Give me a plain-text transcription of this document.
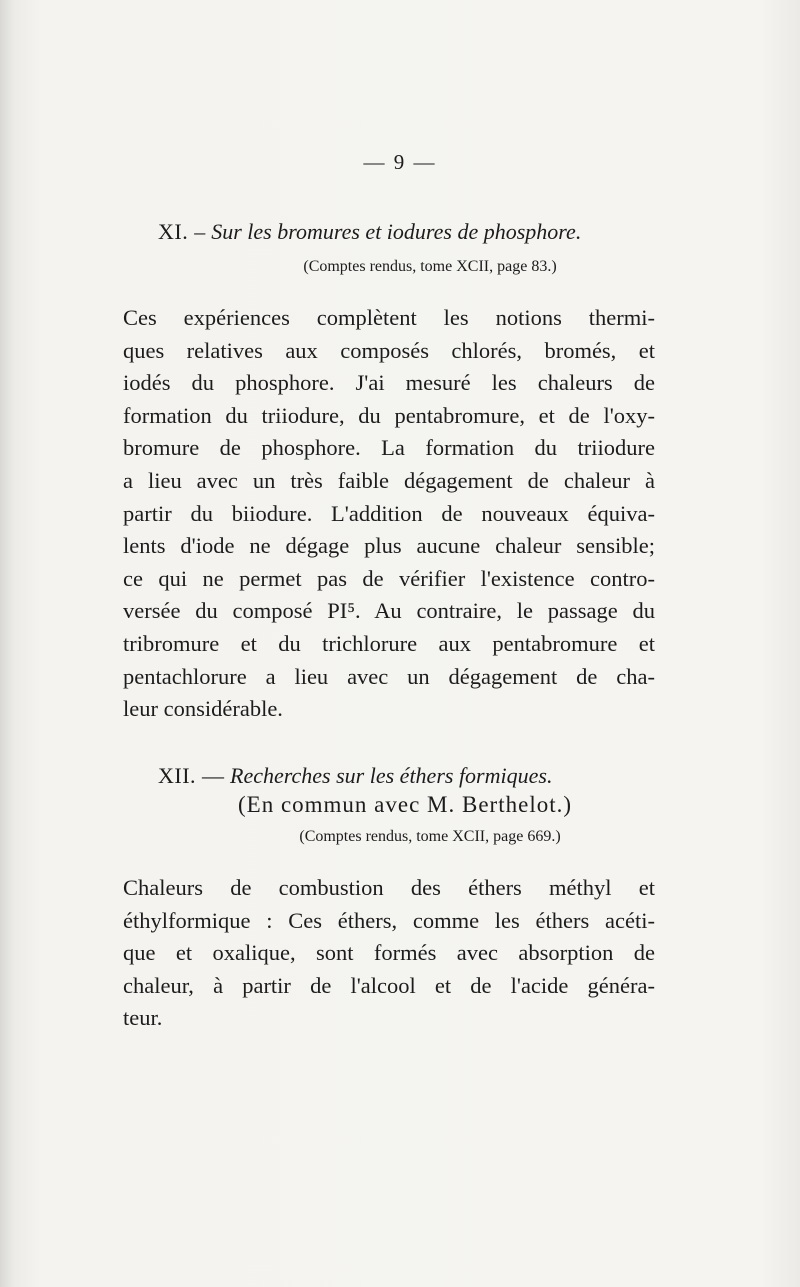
— 9 —

XI. – Sur les bromures et iodures de phosphore.

(Comptes rendus, tome XCII, page 83.)

Ces expériences complètent les notions thermi-
ques relatives aux composés chlorés, bromés, et
iodés du phosphore. J'ai mesuré les chaleurs de
formation du triiodure, du pentabromure, et de l'oxy-
bromure de phosphore. La formation du triiodure
a lieu avec un très faible dégagement de chaleur à
partir du biiodure. L'addition de nouveaux équiva-
lents d'iode ne dégage plus aucune chaleur sensible;
ce qui ne permet pas de vérifier l'existence contro-
versée du composé PI⁵. Au contraire, le passage du
tribromure et du trichlorure aux pentabromure et
pentachlorure a lieu avec un dégagement de cha-
leur considérable.

XII. — Recherches sur les éthers formiques.

(En commun avec M. Berthelot.)
(Comptes rendus, tome XCII, page 669.)

Chaleurs de combustion des éthers méthyl et
éthylformique : Ces éthers, comme les éthers acéti-
que et oxalique, sont formés avec absorption de
chaleur, à partir de l'alcool et de l'acide généra-
teur.
